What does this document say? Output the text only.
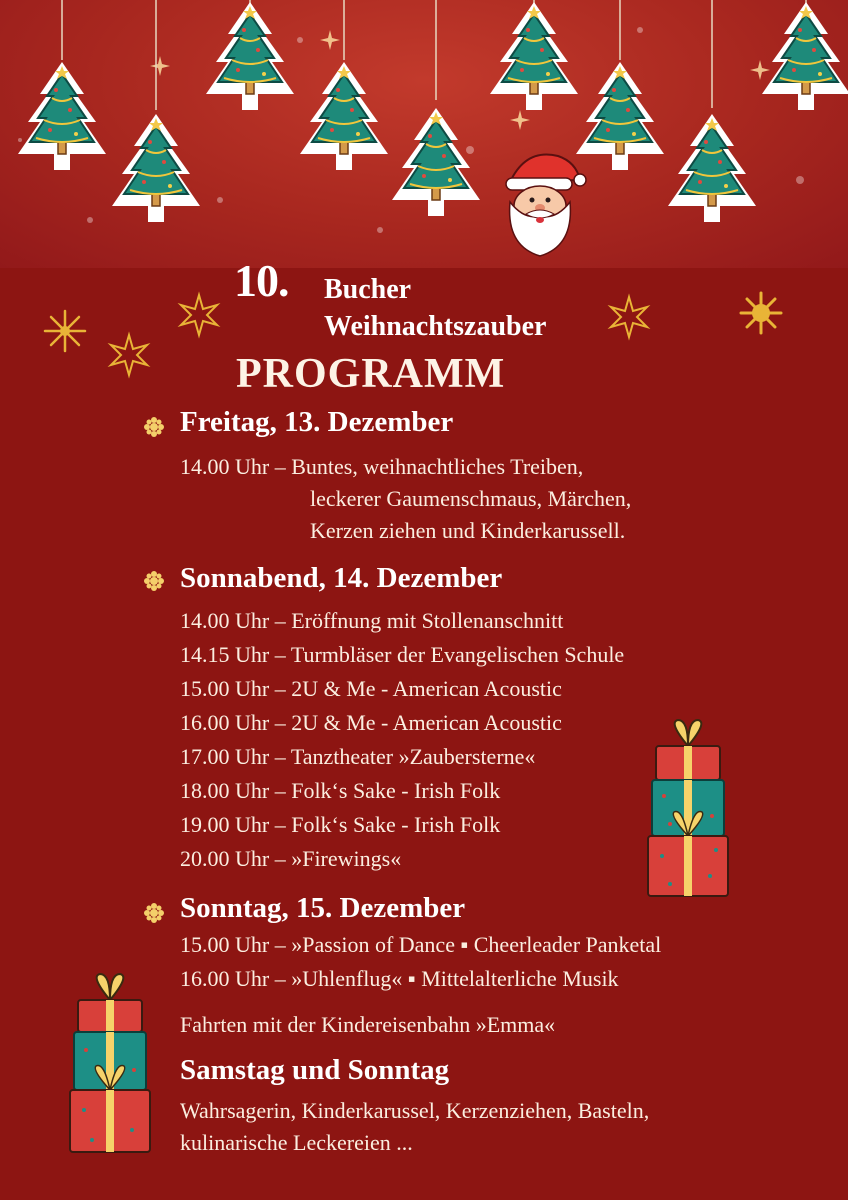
10. Bucher
Weihnachtszauber
PROGRAMM
Freitag, 13. Dezember
14.00 Uhr – Buntes, weihnachtliches Treiben,
leckerer Gaumenschmaus, Märchen,
Kerzen ziehen und Kinderkarussell.
Sonnabend, 14. Dezember
14.00 Uhr – Eröffnung mit Stollenanschnitt
14.15 Uhr – Turmbläser der Evangelischen Schule
15.00 Uhr – 2U & Me - American Acoustic
16.00 Uhr – 2U & Me - American Acoustic
17.00 Uhr – Tanztheater »Zaubersterne«
18.00 Uhr – Folk‘s Sake - Irish Folk
19.00 Uhr – Folk‘s Sake - Irish Folk
20.00 Uhr – »Firewings«
Sonntag, 15. Dezember
15.00 Uhr – »Passion of Dance ▪ Cheerleader Panketal
16.00 Uhr – »Uhlenflug« ▪ Mittelalterliche Musik
Fahrten mit der Kindereisenbahn »Emma«
Samstag und Sonntag
Wahrsagerin, Kinderkarussel, Kerzenziehen, Basteln,
kulinarische Leckereien ...
